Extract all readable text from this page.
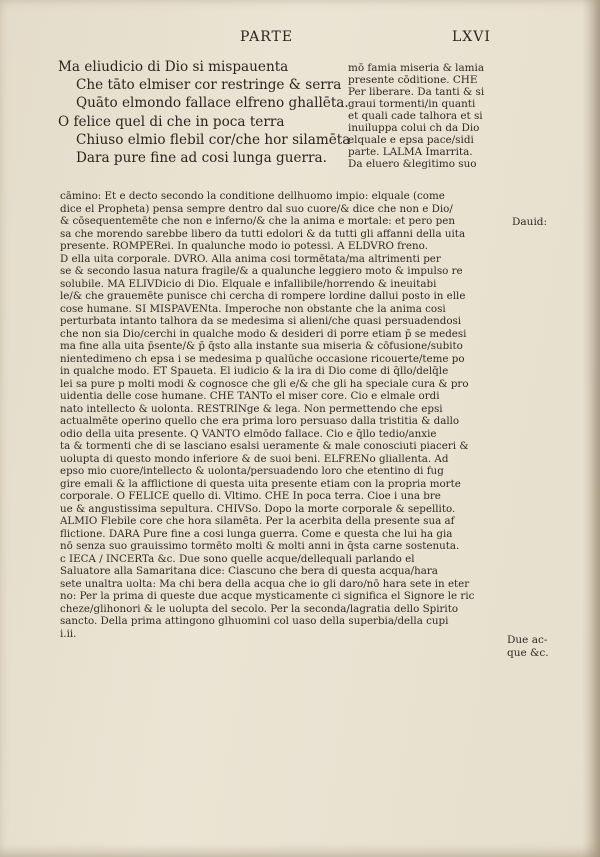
PARTE	LXVI
Ma eliudicio di Dio si mispauenta
Che tāto elmiser cor restringe & serra
Quāto elmondo fallace elfreno ghallēta.
O felice quel di che in poca terra
Chiuso elmio flebil cor/che hor silamēta
Dara pure fine ad cosi lunga guerra.
mō famia miseria & lamia
presente cōditione. CHE
Per liberare. Da tanti & si
graui tormenti/in quanti
et quali cade talhora et si
inuiluppa colui ch̄ da Dio
elquale e epsa pace/sidi
parte. LALMA Imarrita.
Da eluero &legitimo suo
cāmino: Et e decto secondo la conditione dellhuomo impio: elquale (come
dice el Propheta) pensa sempre dentro dal suo cuore/& dice che non e Dio/
& cōsequentemēte che non e inferno/& che la anima e mortale: et pero pen
sa che morendo sarebbe libero da tutti edolori & da tutti gli affanni della uita
presente. ROMPERei. In qualunche modo io potessi. A ELDVRO freno.
D ella uita corporale. DVRO. Alla anima cosi tormētata/ma altrimenti per
se & secondo lasua natura fragile/& a qualunche leggiero moto & impulso re
solubile. MA ELIVDicio di Dio. Elquale e infallibile/horrendo & ineuitabi
le/& che grauemēte punisce chi cercha di rompere lordine dallui posto in elle
cose humane. SI MISPAVENta. Imperoche non obstante che la anima cosi
perturbata intanto talhora da se medesima si alieni/che quasi persuadendosi
che non sia Dio/cerchi in qualche modo & desideri di porre etiam p̄ se medesi
ma fine alla uita p̄sente/& p̄ q̄sto alla instante sua miseria & cōfusione/subito
nientedimeno ch epsa i se medesima p qualūche occasione ricouerte/teme po
in qualche modo. ET Spaueta. El iudicio & la ira di Dio come di q̄llo/delq̄le
lei sa pure p molti modi & cognosce che gli e/& che gli ha speciale cura & pro
uidentia delle cose humane. CHE TANTo el miser core. Cio e elmale ordi
nato intellecto & uolonta. RESTRINge & lega. Non permettendo che epsi
actualmēte operino quello che era prima loro persuaso dalla tristitia & dallo
odio della uita presente. Q VANTO elmōdo fallace. Cio e q̄llo tedio/anxie
ta & tormenti che di se lasciano esalsi ueramente & male conosciuti piaceri &
uolupta di questo mondo inferiore & de suoi beni. ELFRENo gliallenta. Ad
epso mio cuore/intellecto & uolonta/persuadendo loro che etentino di fug
gire emali & la afflictione di questa uita presente etiam con la propria morte
corporale. O FELICE quello di. Vltimo. CHE In poca terra. Cioe i una bre
ue & angustissima sepultura. CHIVSo. Dopo la morte corporale & sepellito.
ALMIO Flebile core che hora silamēta. Per la acerbita della presente sua af
flictione. DARA Pure fine a cosi lunga guerra. Come e questa che lui ha gia
nō senza suo grauissimo tormēto molti & molti anni in q̄sta carne sostenuta.
c IECA / INCERTa &c. Due sono quelle acque/dellequali parlando el
Saluatore alla Samaritana dice: Ciascuno che bera di questa acqua/hara
sete unaltra uolta: Ma chi bera della acqua che io gli daro/nō hara sete in eter
no: Per la prima di queste due acque mysticamente ci significa el Signore le ric
cheze/glihonori & le uolupta del secolo. Per la seconda/lagratia dello Spirito
sancto. Della prima attingono glhuomini col uaso della superbia/della cupi
i.ii.
Dauid:
Due ac-
que &c.
